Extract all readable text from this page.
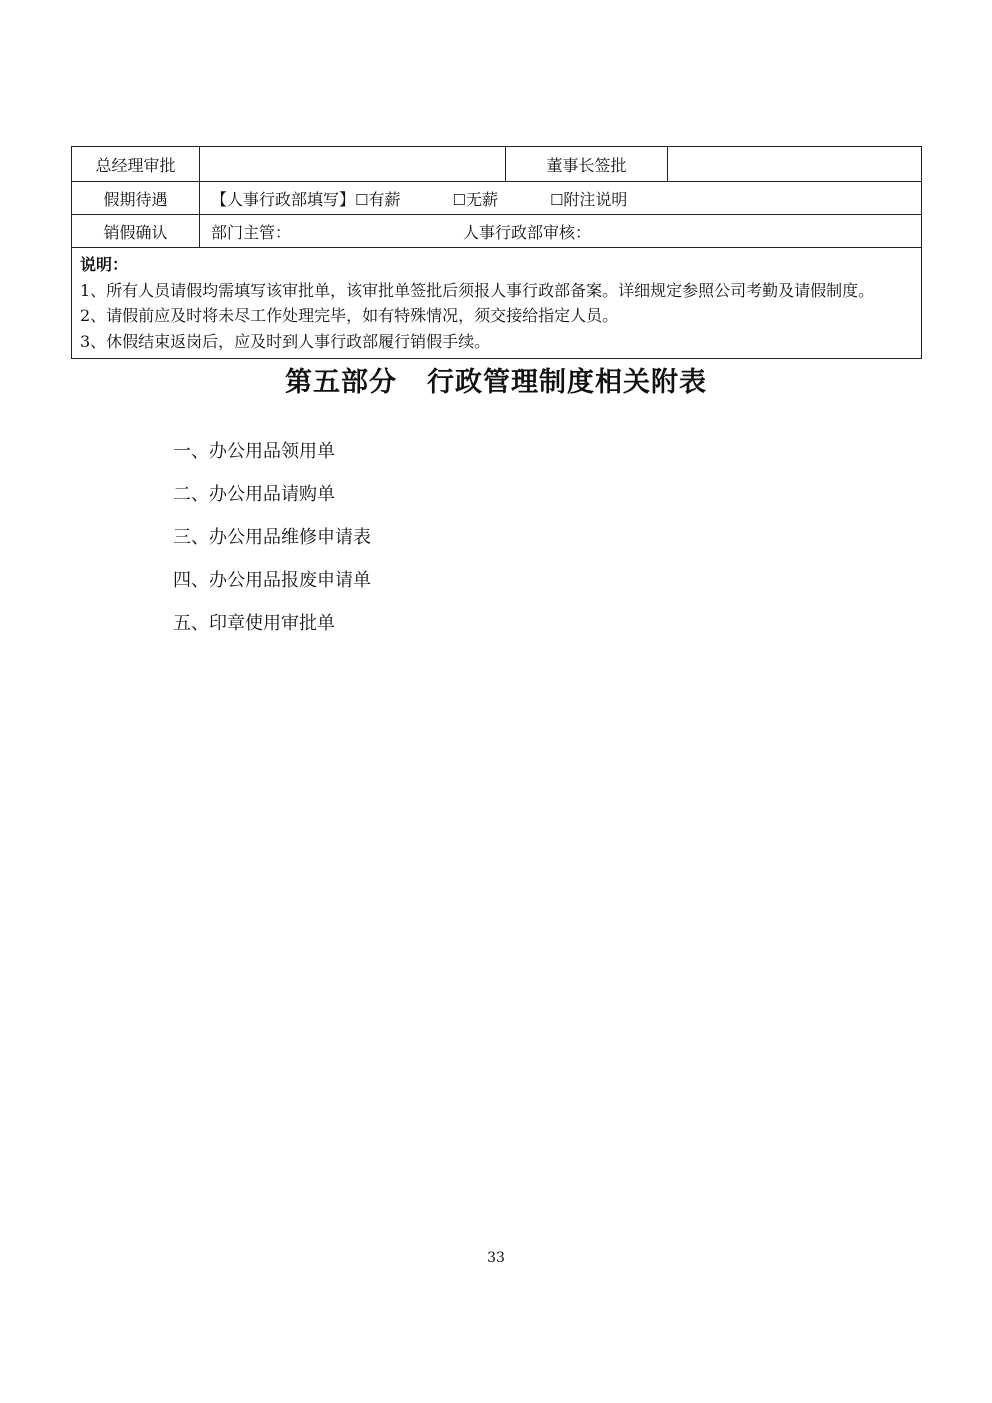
总经理审批		董事长签批	
假期待遇	【人事行政部填写】☐有薪 ☐无薪 ☐附注说明		
销假确认	部门主管： 人事行政部审核：		

说明：
1、所有人员请假均需填写该审批单，该审批单签批后须报人事行政部备案。详细规定参照公司考勤及请假制度。
2、请假前应及时将未尽工作处理完毕，如有特殊情况，须交接给指定人员。
3、休假结束返岗后，应及时到人事行政部履行销假手续。			
第五部分 行政管理制度相关附表
一、办公用品领用单
二、办公用品请购单
三、办公用品维修申请表
四、办公用品报废申请单
五、印章使用审批单
33
